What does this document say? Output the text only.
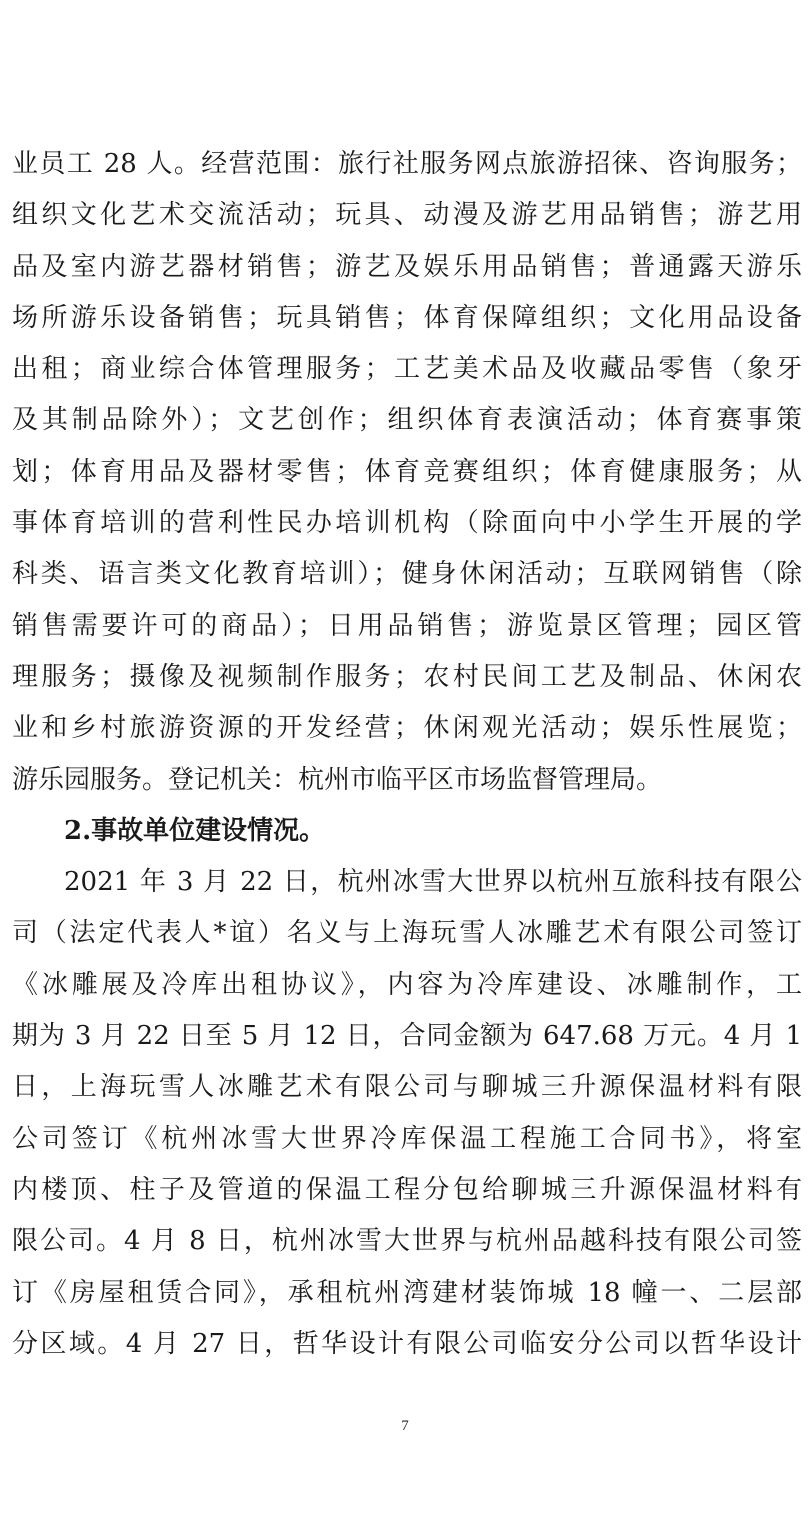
业员工 28 人。经营范围：旅行社服务网点旅游招徕、咨询服务；
组织文化艺术交流活动；玩具、动漫及游艺用品销售；游艺用
品及室内游艺器材销售；游艺及娱乐用品销售；普通露天游乐
场所游乐设备销售；玩具销售；体育保障组织；文化用品设备
出租；商业综合体管理服务；工艺美术品及收藏品零售（象牙
及其制品除外）；文艺创作；组织体育表演活动；体育赛事策
划；体育用品及器材零售；体育竞赛组织；体育健康服务；从
事体育培训的营利性民办培训机构（除面向中小学生开展的学
科类、语言类文化教育培训）；健身休闲活动；互联网销售（除
销售需要许可的商品）；日用品销售；游览景区管理；园区管
理服务；摄像及视频制作服务；农村民间工艺及制品、休闲农
业和乡村旅游资源的开发经营；休闲观光活动；娱乐性展览；
游乐园服务。登记机关：杭州市临平区市场监督管理局。
2.事故单位建设情况。
2021 年 3 月 22 日，杭州冰雪大世界以杭州互旅科技有限公
司（法定代表人*谊）名义与上海玩雪人冰雕艺术有限公司签订
《冰雕展及冷库出租协议》，内容为冷库建设、冰雕制作，工
期为 3 月 22 日至 5 月 12 日，合同金额为 647.68 万元。4 月 1
日，上海玩雪人冰雕艺术有限公司与聊城三升源保温材料有限
公司签订《杭州冰雪大世界冷库保温工程施工合同书》，将室
内楼顶、柱子及管道的保温工程分包给聊城三升源保温材料有
限公司。4 月 8 日，杭州冰雪大世界与杭州品越科技有限公司签
订《房屋租赁合同》，承租杭州湾建材装饰城 18 幢一、二层部
分区域。4 月 27 日，哲华设计有限公司临安分公司以哲华设计
7
